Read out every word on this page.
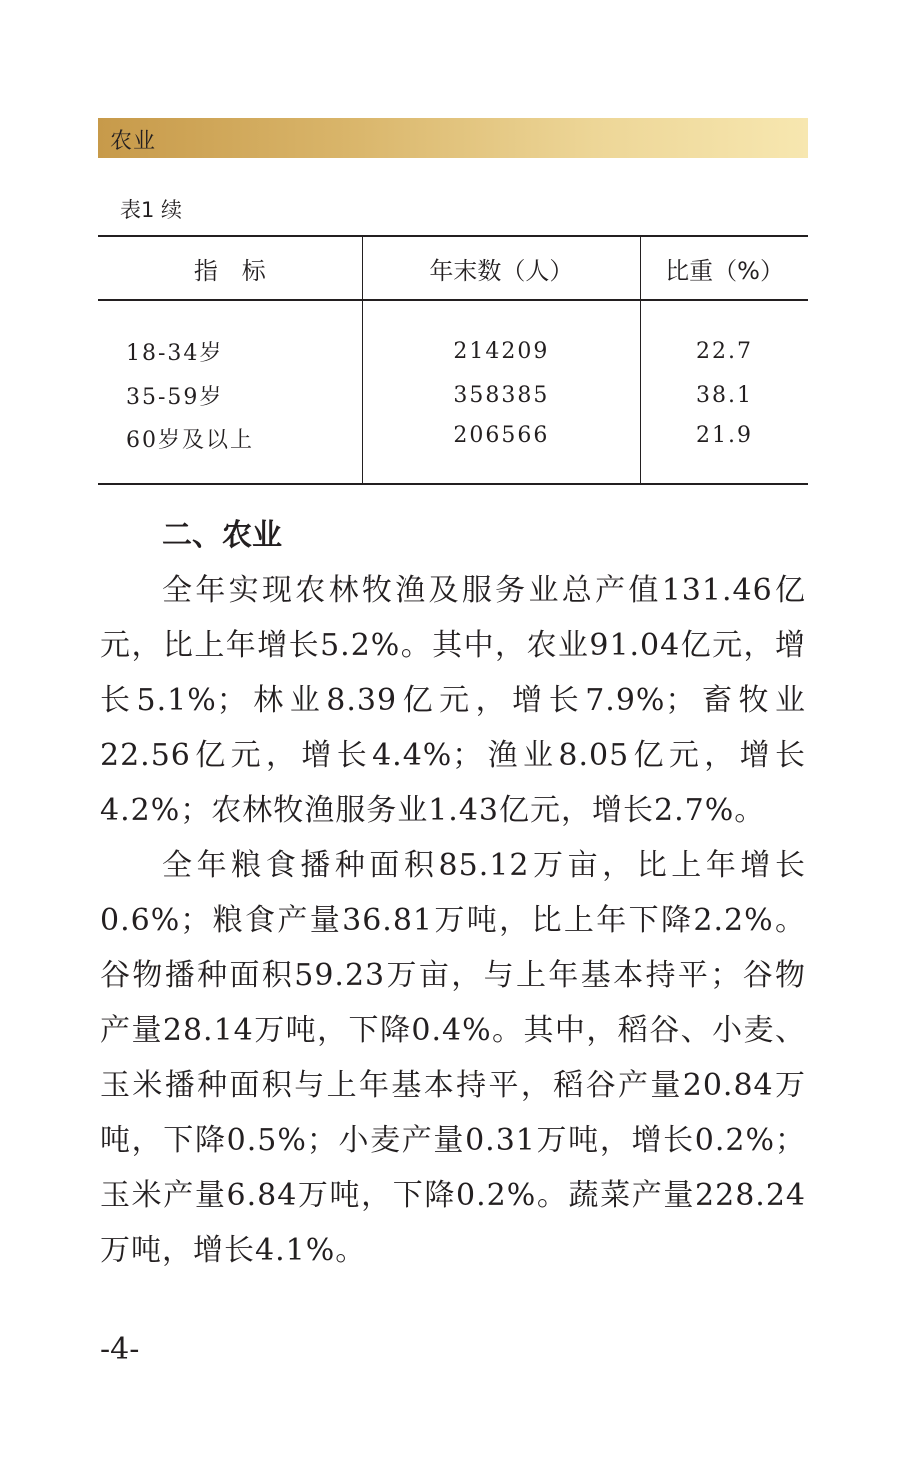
农业
表1 续
指　标	年末数（人）	比重（%）

18-34岁	214209	22.7
35-59岁	358385	38.1
60岁及以上	206566	21.9
二、农业

全年实现农林牧渔及服务业总产值131.46亿元，比上年增长5.2%。其中，农业91.04亿元，增长5.1%；林业8.39亿元，增长7.9%；畜牧业22.56亿元，增长4.4%；渔业8.05亿元，增长4.2%；农林牧渔服务业1.43亿元，增长2.7%。

全年粮食播种面积85.12万亩，比上年增长0.6%；粮食产量36.81万吨，比上年下降2.2%。谷物播种面积59.23万亩，与上年基本持平；谷物产量28.14万吨，下降0.4%。其中，稻谷、小麦、玉米播种面积与上年基本持平，稻谷产量20.84万吨，下降0.5%；小麦产量0.31万吨，增长0.2%；玉米产量6.84万吨，下降0.2%。蔬菜产量228.24万吨，增长4.1%。

-4-
